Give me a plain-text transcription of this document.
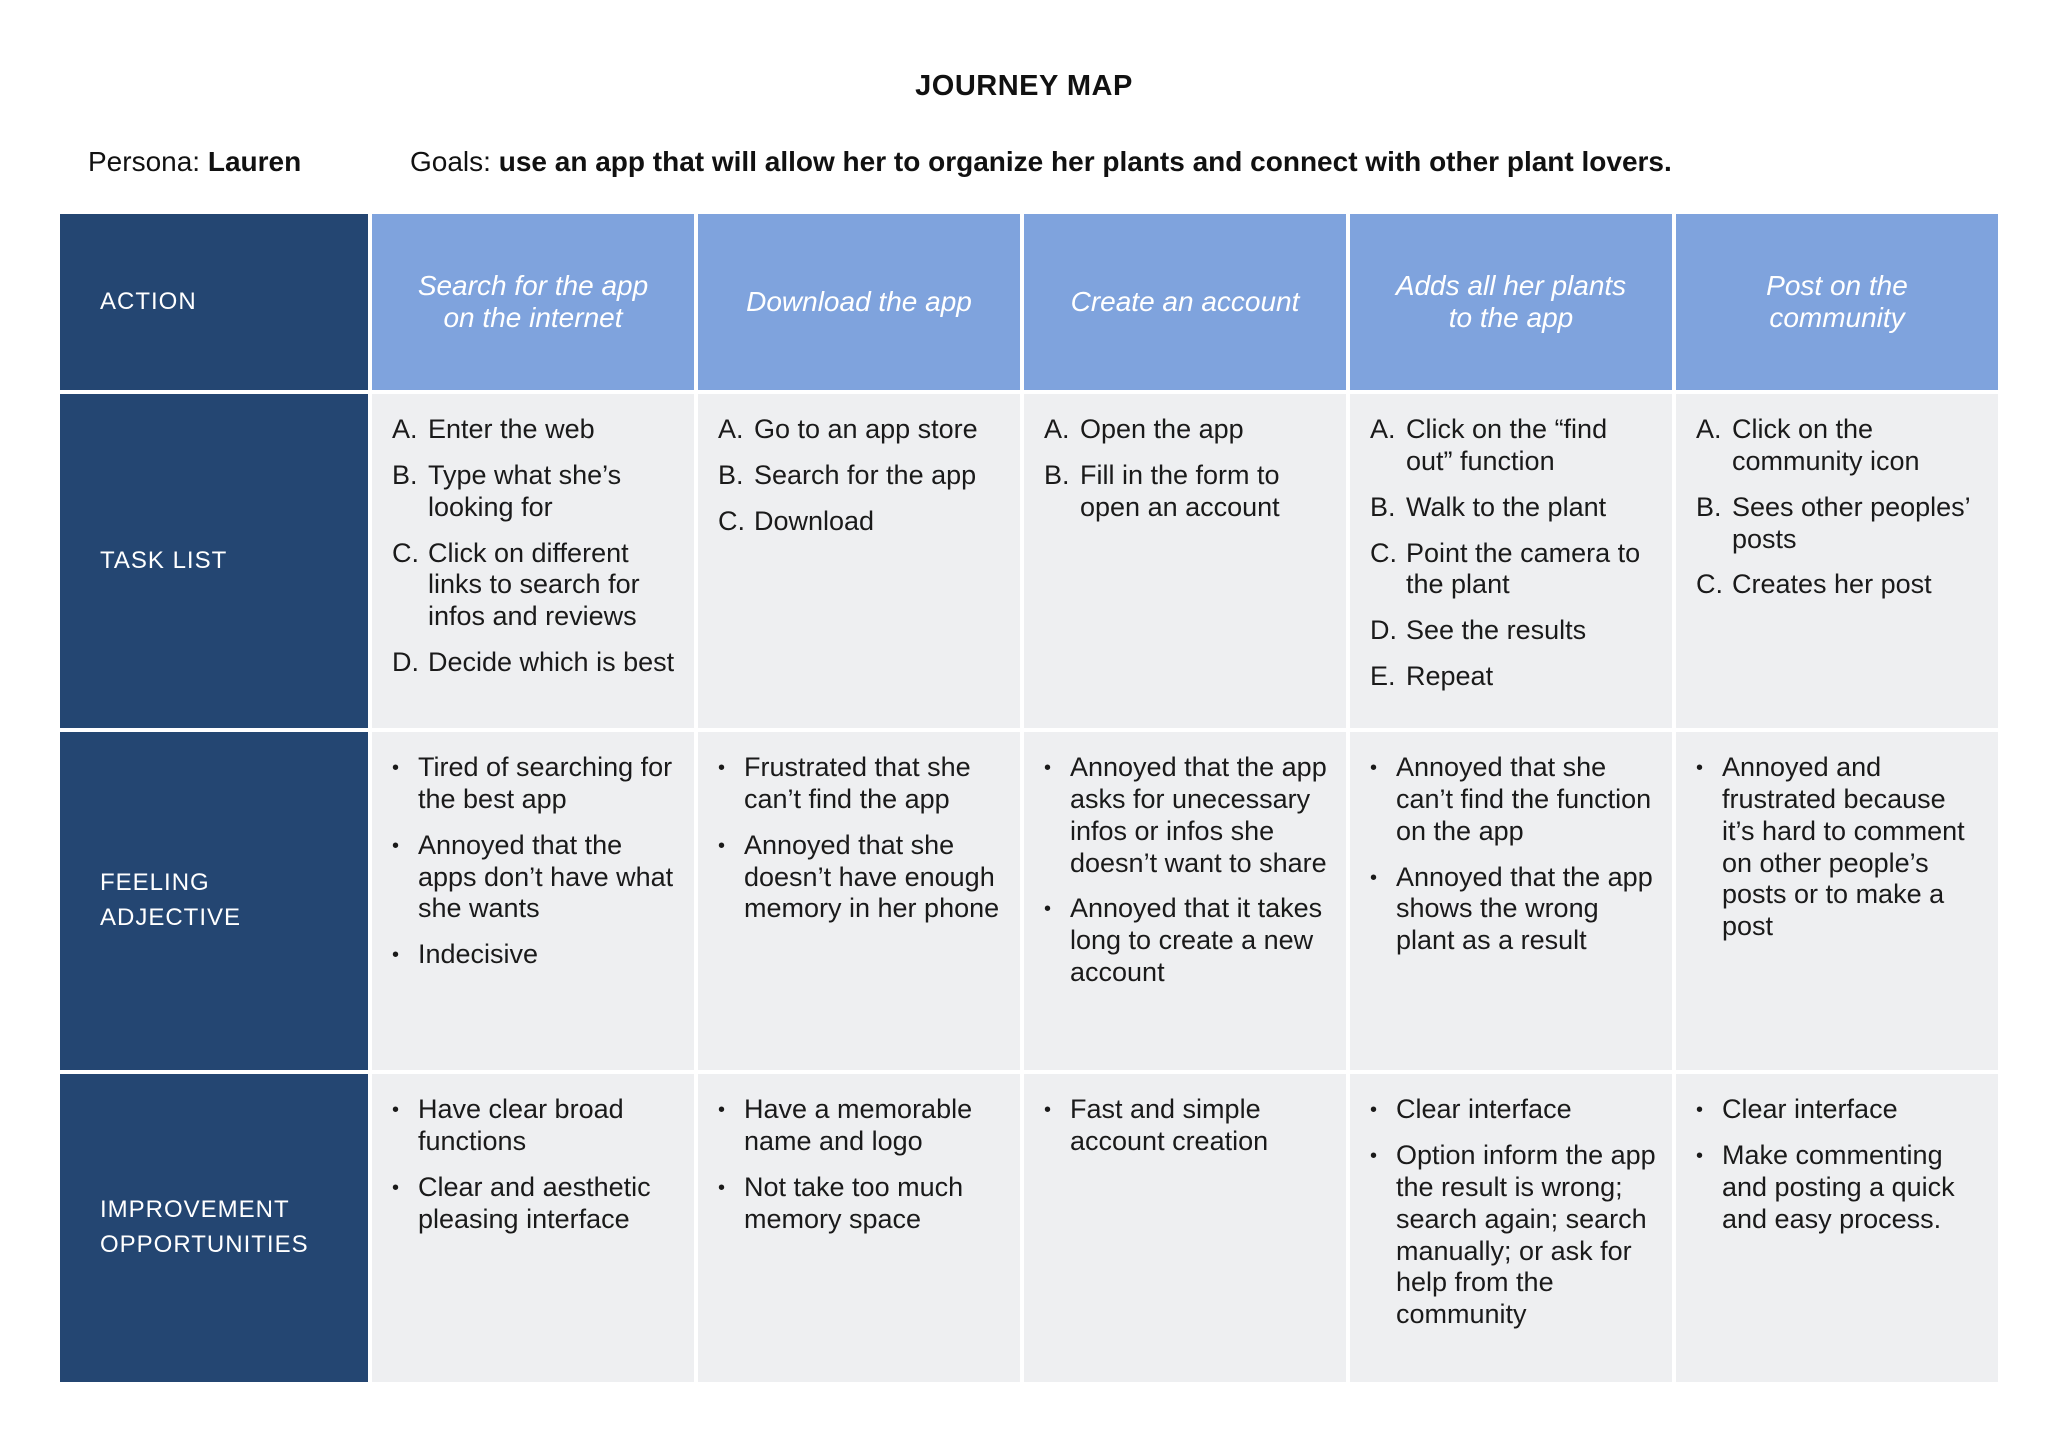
JOURNEY MAP
Persona: Lauren	Goals: use an app that will allow her to organize her plants and connect with other plant lovers.
ACTION
Search for the app
on the internet
Download the app	Create an account
Adds all her plants
to the app
Post on the
community
TASK LIST
A. Enter the web
B. Type what she’s looking for
C. Click on different links to search for infos and reviews
D. Decide which is best
A. Go to an app store
B. Search for the app
C. Download
A. Open the app
B. Fill in the form to open an account
A. Click on the “find out” function
B. Walk to the plant
C. Point the camera to the plant
D. See the results
E. Repeat
A. Click on the community icon
B. Sees other peoples’ posts
C. Creates her post
FEELING
ADJECTIVE
• Tired of searching for the best app
• Annoyed that the apps don’t have what she wants
• Indecisive
• Frustrated that she can’t find the app
• Annoyed that she doesn’t have enough memory in her phone
• Annoyed that the app asks for unecessary infos or infos she doesn’t want to share
• Annoyed that it takes long to create a new account
• Annoyed that she can’t find the function on the app
• Annoyed that the app shows the wrong plant as a result
• Annoyed and frustrated because it’s hard to comment on other people’s posts or to make a post
IMPROVEMENT
OPPORTUNITIES
• Have clear broad functions
• Clear and aesthetic pleasing interface
• Have a memorable name and logo
• Not take too much memory space
• Fast and simple account creation
• Clear interface
• Option inform the app the result is wrong; search again; search manually; or ask for help from the community
• Clear interface
• Make commenting and posting a quick and easy process.
